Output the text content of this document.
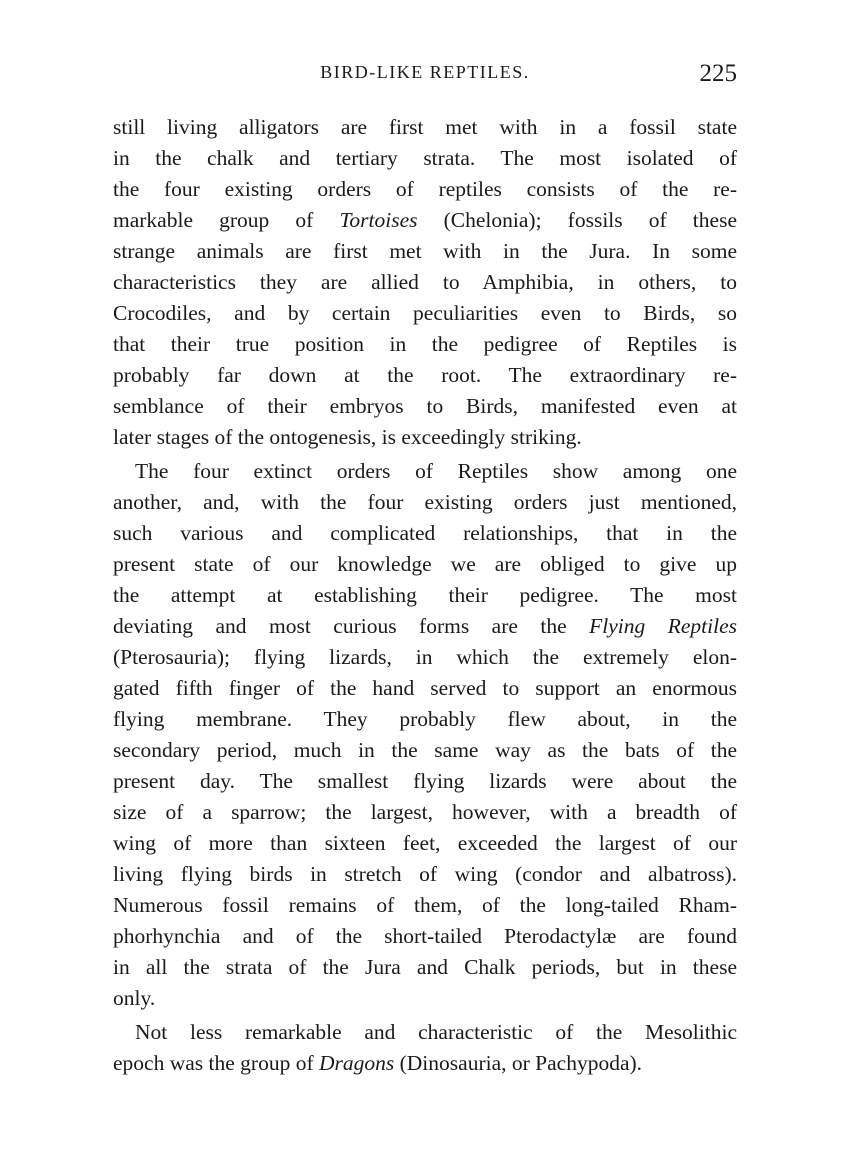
BIRD-LIKE REPTILES.	225
still living alligators are first met with in a fossil state
in the chalk and tertiary strata. The most isolated of
the four existing orders of reptiles consists of the re-
markable group of Tortoises (Chelonia); fossils of these
strange animals are first met with in the Jura. In some
characteristics they are allied to Amphibia, in others, to
Crocodiles, and by certain peculiarities even to Birds, so
that their true position in the pedigree of Reptiles is
probably far down at the root. The extraordinary re-
semblance of their embryos to Birds, manifested even at
later stages of the ontogenesis, is exceedingly striking.
The four extinct orders of Reptiles show among one
another, and, with the four existing orders just mentioned,
such various and complicated relationships, that in the
present state of our knowledge we are obliged to give up
the attempt at establishing their pedigree. The most
deviating and most curious forms are the Flying Reptiles
(Pterosauria); flying lizards, in which the extremely elon-
gated fifth finger of the hand served to support an enormous
flying membrane. They probably flew about, in the
secondary period, much in the same way as the bats of the
present day. The smallest flying lizards were about the
size of a sparrow; the largest, however, with a breadth of
wing of more than sixteen feet, exceeded the largest of our
living flying birds in stretch of wing (condor and albatross).
Numerous fossil remains of them, of the long-tailed Rham-
phorhynchia and of the short-tailed Pterodactylæ are found
in all the strata of the Jura and Chalk periods, but in these
only.
Not less remarkable and characteristic of the Mesolithic
epoch was the group of Dragons (Dinosauria, or Pachypoda).
